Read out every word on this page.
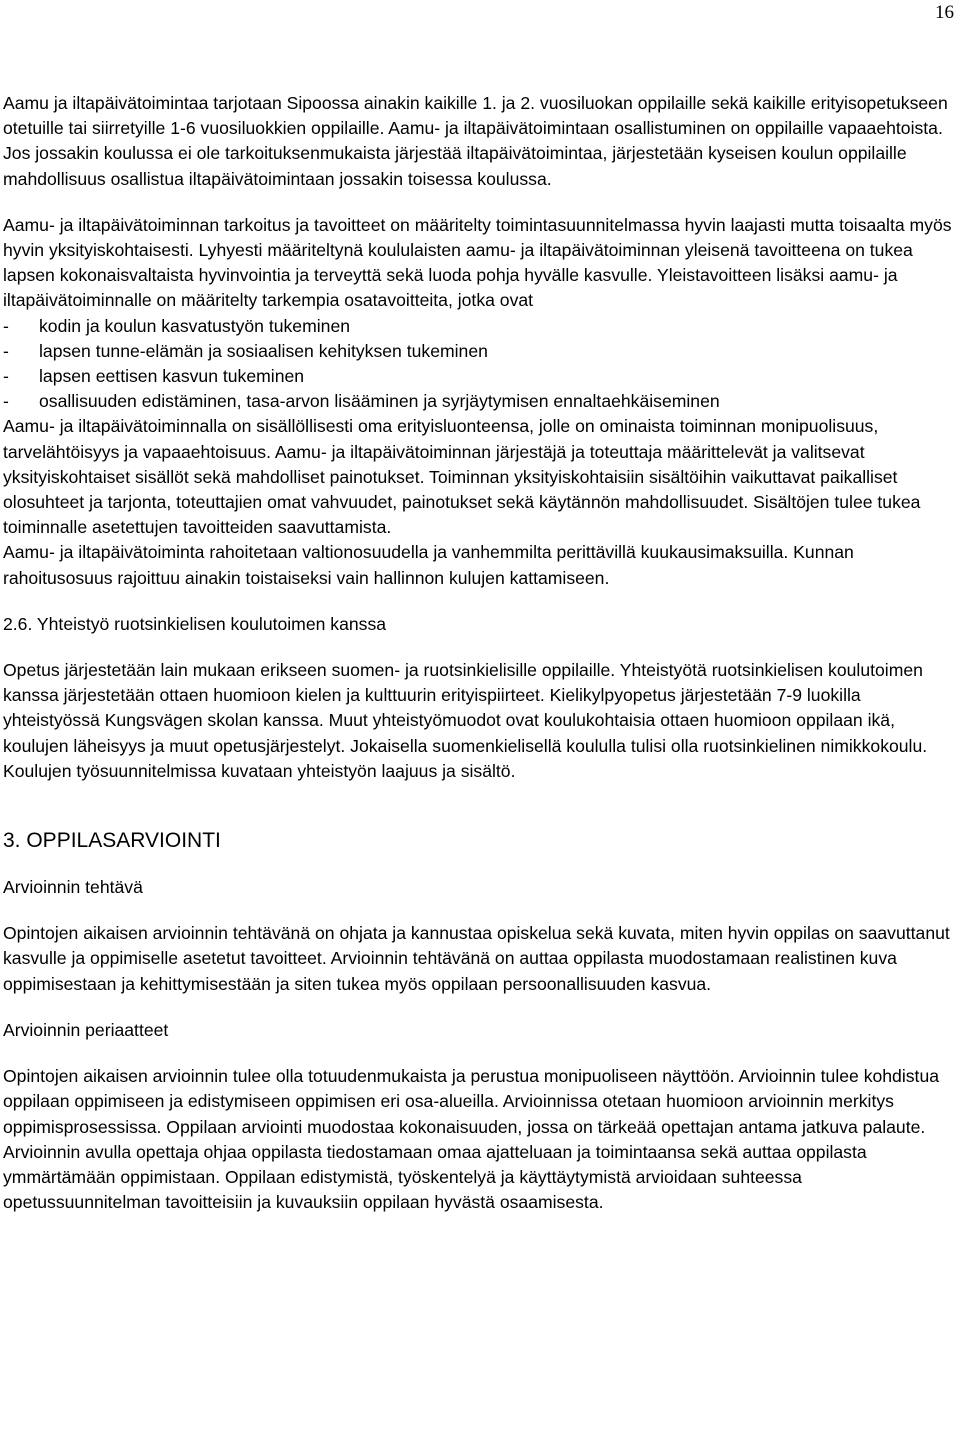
16

Aamu ja iltapäivätoimintaa tarjotaan Sipoossa ainakin kaikille 1. ja 2. vuosiluokan oppilaille sekä kaikille erityisopetukseen otetuille tai siirretyille 1-6 vuosiluokkien oppilaille. Aamu- ja iltapäivätoimintaan osallistuminen on oppilaille vapaaehtoista. Jos jossakin koulussa ei ole tarkoituksenmukaista järjestää iltapäivätoimintaa, järjestetään kyseisen koulun oppilaille mahdollisuus osallistua iltapäivätoimintaan jossakin toisessa koulussa.

Aamu- ja iltapäivätoiminnan tarkoitus ja tavoitteet on määritelty toimintasuunnitelmassa hyvin laajasti mutta toisaalta myös hyvin yksityiskohtaisesti. Lyhyesti määriteltynä koululaisten aamu- ja iltapäivätoiminnan yleisenä tavoitteena on tukea lapsen kokonaisvaltaista hyvinvointia ja terveyttä sekä luoda pohja hyvälle kasvulle. Yleistavoitteen lisäksi aamu- ja iltapäivätoiminnalle on määritelty tarkempia osatavoitteita, jotka ovat

-	kodin ja koulun kasvatustyön tukeminen
-	lapsen tunne-elämän ja sosiaalisen kehityksen tukeminen
-	lapsen eettisen kasvun tukeminen
-	osallisuuden edistäminen, tasa-arvon lisääminen ja syrjäytymisen ennaltaehkäiseminen

Aamu- ja iltapäivätoiminnalla on sisällöllisesti oma erityisluonteensa, jolle on ominaista toiminnan monipuolisuus, tarvelähtöisyys ja vapaaehtoisuus. Aamu- ja iltapäivätoiminnan järjestäjä ja toteuttaja määrittelevät ja valitsevat yksityiskohtaiset sisällöt sekä mahdolliset painotukset. Toiminnan yksityiskohtaisiin sisältöihin vaikuttavat paikalliset olosuhteet ja tarjonta, toteuttajien omat vahvuudet, painotukset sekä käytännön mahdollisuudet. Sisältöjen tulee tukea toiminnalle asetettujen tavoitteiden saavuttamista.

Aamu- ja iltapäivätoiminta rahoitetaan valtionosuudella ja vanhemmilta perittävillä kuukausimaksuilla. Kunnan rahoitusosuus rajoittuu ainakin toistaiseksi vain hallinnon kulujen kattamiseen.

2.6. Yhteistyö ruotsinkielisen koulutoimen kanssa

Opetus järjestetään lain mukaan erikseen suomen- ja ruotsinkielisille oppilaille. Yhteistyötä ruotsinkielisen koulutoimen kanssa järjestetään ottaen huomioon kielen ja kulttuurin erityispiirteet. Kielikylpyopetus järjestetään 7-9 luokilla yhteistyössä Kungsvägen skolan kanssa. Muut yhteistyömuodot ovat koulukohtaisia ottaen huomioon oppilaan ikä, koulujen läheisyys ja muut opetusjärjestelyt. Jokaisella suomenkielisellä koululla tulisi olla ruotsinkielinen nimikkokoulu. Koulujen työsuunnitelmissa kuvataan yhteistyön laajuus ja sisältö.

3. OPPILASARVIOINTI

Arvioinnin tehtävä

Opintojen aikaisen arvioinnin tehtävänä on ohjata ja kannustaa opiskelua sekä kuvata, miten hyvin oppilas on saavuttanut kasvulle ja oppimiselle asetetut tavoitteet. Arvioinnin tehtävänä on auttaa oppilasta muodostamaan realistinen kuva oppimisestaan ja kehittymisestään ja siten tukea myös oppilaan persoonallisuuden kasvua.

Arvioinnin periaatteet

Opintojen aikaisen arvioinnin tulee olla totuudenmukaista ja perustua monipuoliseen näyttöön. Arvioinnin tulee kohdistua oppilaan oppimiseen ja edistymiseen oppimisen eri osa-alueilla. Arvioinnissa otetaan huomioon arvioinnin merkitys oppimisprosessissa. Oppilaan arviointi muodostaa kokonaisuuden, jossa on tärkeää opettajan antama jatkuva palaute. Arvioinnin avulla opettaja ohjaa oppilasta tiedostamaan omaa ajatteluaan ja toimintaansa sekä auttaa oppilasta ymmärtämään oppimistaan. Oppilaan edistymistä, työskentelyä ja käyttäytymistä arvioidaan suhteessa opetussuunnitelman tavoitteisiin ja kuvauksiin oppilaan hyvästä osaamisesta.
